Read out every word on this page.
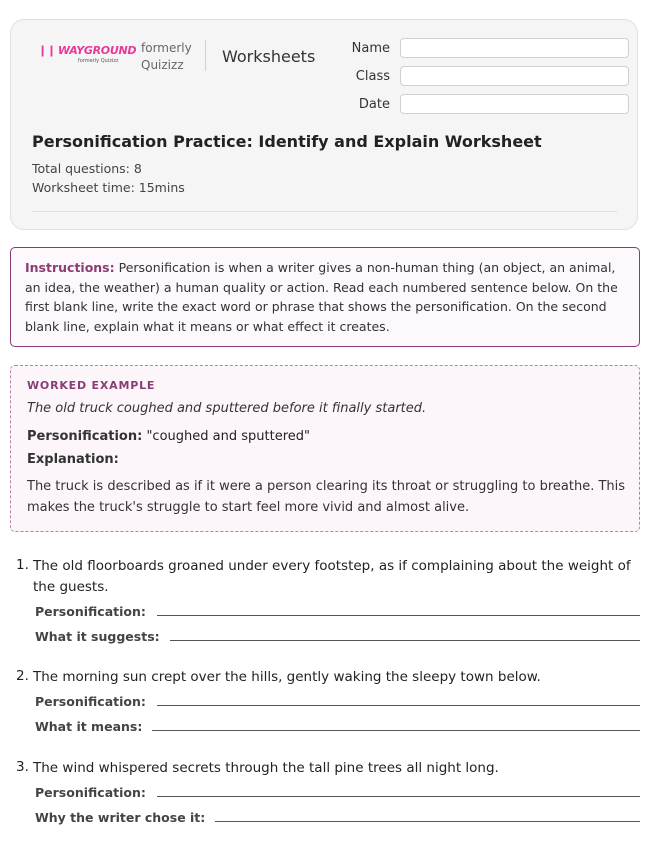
❙❙ WAYGROUND
formerly Quizizz
formerly
Quizizz	Worksheets	Name
Class
Date
Personification Practice: Identify and Explain Worksheet
Total questions: 8
Worksheet time: 15mins
Instructions: Personification is when a writer gives a non-human thing (an object, an animal, an idea, the weather) a human quality or action. Read each numbered sentence below. On the first blank line, write the exact word or phrase that shows the personification. On the second blank line, explain what it means or what effect it creates.
WORKED EXAMPLE
The old truck coughed and sputtered before it finally started.
Personification: "coughed and sputtered"
Explanation:
The truck is described as if it were a person clearing its throat or struggling to breathe. This makes the truck's struggle to start feel more vivid and almost alive.
1. The old floorboards groaned under every footstep, as if complaining about the weight of the guests.
Personification:
What it suggests:
2. The morning sun crept over the hills, gently waking the sleepy town below.
Personification:
What it means:
3. The wind whispered secrets through the tall pine trees all night long.
Personification:
Why the writer chose it:
